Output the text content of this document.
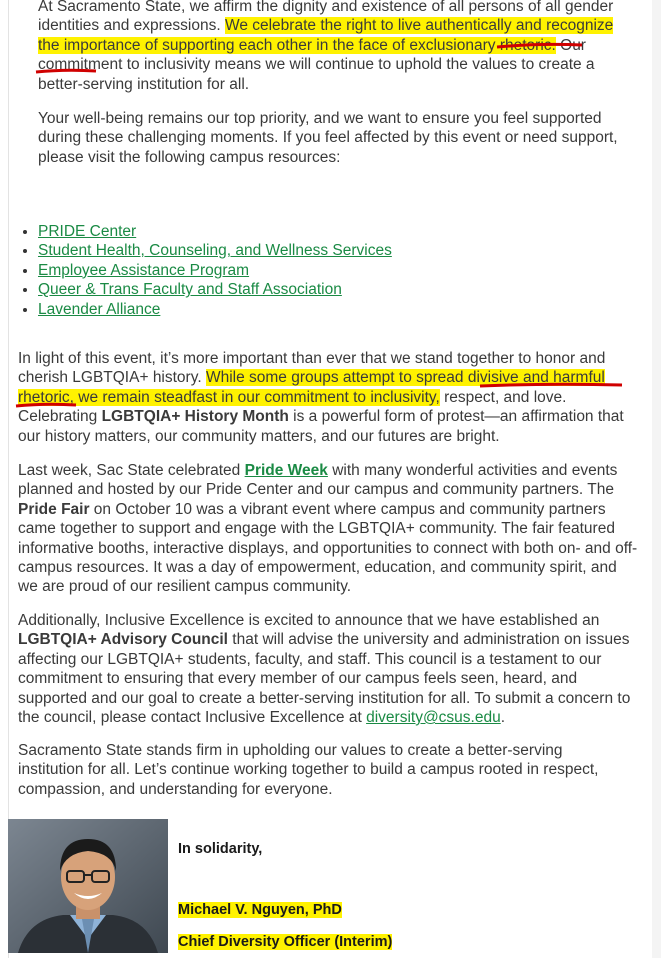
At Sacramento State, we affirm the dignity and existence of all persons of all gender identities and expressions. We celebrate the right to live authentically and recognize the importance of supporting each other in the face of exclusionary rhetoric. Our commitment to inclusivity means we will continue to uphold the values to create a better-serving institution for all.

Your well-being remains our top priority, and we want to ensure you feel supported during these challenging moments. If you feel affected by this event or need support, please visit the following campus resources:

• PRIDE Center
• Student Health, Counseling, and Wellness Services
• Employee Assistance Program
• Queer & Trans Faculty and Staff Association
• Lavender Alliance

In light of this event, it’s more important than ever that we stand together to honor and cherish LGBTQIA+ history. While some groups attempt to spread divisive and harmful rhetoric, we remain steadfast in our commitment to inclusivity, respect, and love. Celebrating LGBTQIA+ History Month is a powerful form of protest—an affirmation that our history matters, our community matters, and our futures are bright.

Last week, Sac State celebrated Pride Week with many wonderful activities and events planned and hosted by our Pride Center and our campus and community partners. The Pride Fair on October 10 was a vibrant event where campus and community partners came together to support and engage with the LGBTQIA+ community. The fair featured informative booths, interactive displays, and opportunities to connect with both on- and off-campus resources. It was a day of empowerment, education, and community spirit, and we are proud of our resilient campus community.

Additionally, Inclusive Excellence is excited to announce that we have established an LGBTQIA+ Advisory Council that will advise the university and administration on issues affecting our LGBTQIA+ students, faculty, and staff. This council is a testament to our commitment to ensuring that every member of our campus feels seen, heard, and supported and our goal to create a better-serving institution for all. To submit a concern to the council, please contact Inclusive Excellence at diversity@csus.edu.

Sacramento State stands firm in upholding our values to create a better-serving institution for all. Let’s continue working together to build a campus rooted in respect, compassion, and understanding for everyone.

In solidarity,
Michael V. Nguyen, PhD
Chief Diversity Officer (Interim)
